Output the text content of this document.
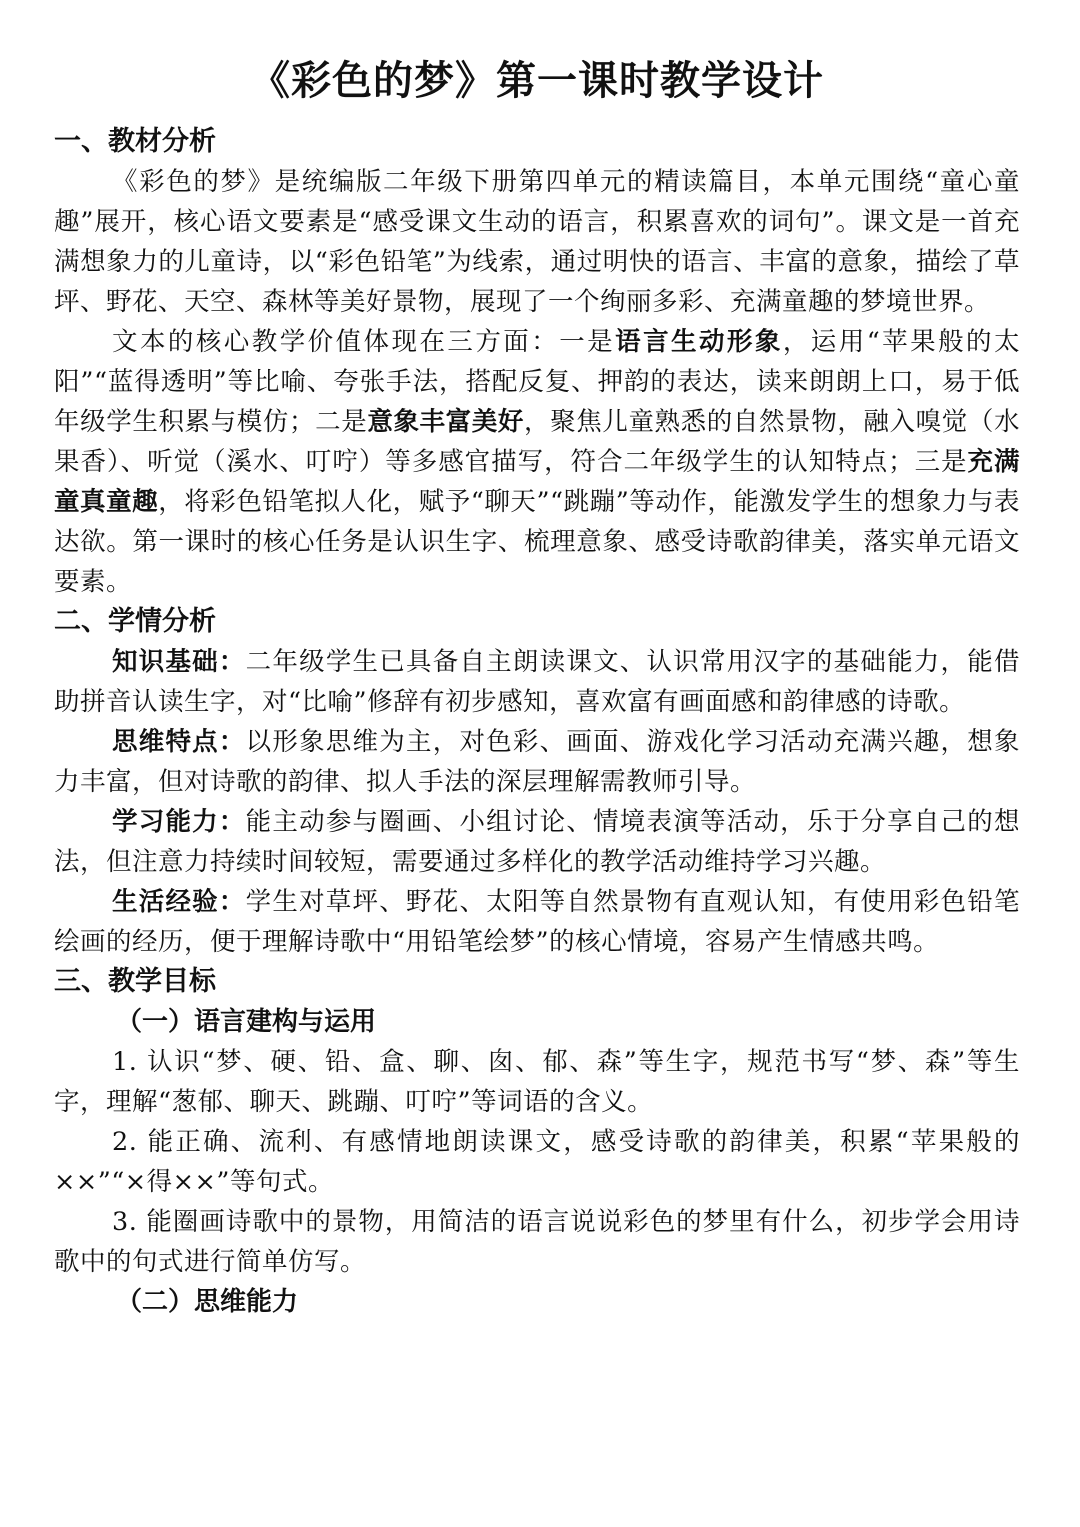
《彩色的梦》第一课时教学设计
一、教材分析

《彩色的梦》是统编版二年级下册第四单元的精读篇目，本单元围绕“童心童趣”展开，核心语文要素是“感受课文生动的语言，积累喜欢的词句”。课文是一首充满想象力的儿童诗，以“彩色铅笔”为线索，通过明快的语言、丰富的意象，描绘了草坪、野花、天空、森林等美好景物，展现了一个绚丽多彩、充满童趣的梦境世界。

文本的核心教学价值体现在三方面：一是语言生动形象，运用“苹果般的太阳”“蓝得透明”等比喻、夸张手法，搭配反复、押韵的表达，读来朗朗上口，易于低年级学生积累与模仿；二是意象丰富美好，聚焦儿童熟悉的自然景物，融入嗅觉（水果香）、听觉（溪水、叮咛）等多感官描写，符合二年级学生的认知特点；三是充满童真童趣，将彩色铅笔拟人化，赋予“聊天”“跳蹦”等动作，能激发学生的想象力与表达欲。第一课时的核心任务是认识生字、梳理意象、感受诗歌韵律美，落实单元语文要素。

二、学情分析

知识基础：二年级学生已具备自主朗读课文、认识常用汉字的基础能力，能借助拼音认读生字，对“比喻”修辞有初步感知，喜欢富有画面感和韵律感的诗歌。

思维特点：以形象思维为主，对色彩、画面、游戏化学习活动充满兴趣，想象力丰富，但对诗歌的韵律、拟人手法的深层理解需教师引导。

学习能力：能主动参与圈画、小组讨论、情境表演等活动，乐于分享自己的想法，但注意力持续时间较短，需要通过多样化的教学活动维持学习兴趣。

生活经验：学生对草坪、野花、太阳等自然景物有直观认知，有使用彩色铅笔绘画的经历，便于理解诗歌中“用铅笔绘梦”的核心情境，容易产生情感共鸣。

三、教学目标
（一）语言建构与运用

1. 认识“梦、硬、铅、盒、聊、囱、郁、森”等生字，规范书写“梦、森”等生字，理解“葱郁、聊天、跳蹦、叮咛”等词语的含义。

2. 能正确、流利、有感情地朗读课文，感受诗歌的韵律美，积累“苹果般的××”“×得××”等句式。

3. 能圈画诗歌中的景物，用简洁的语言说说彩色的梦里有什么，初步学会用诗歌中的句式进行简单仿写。

（二）思维能力
